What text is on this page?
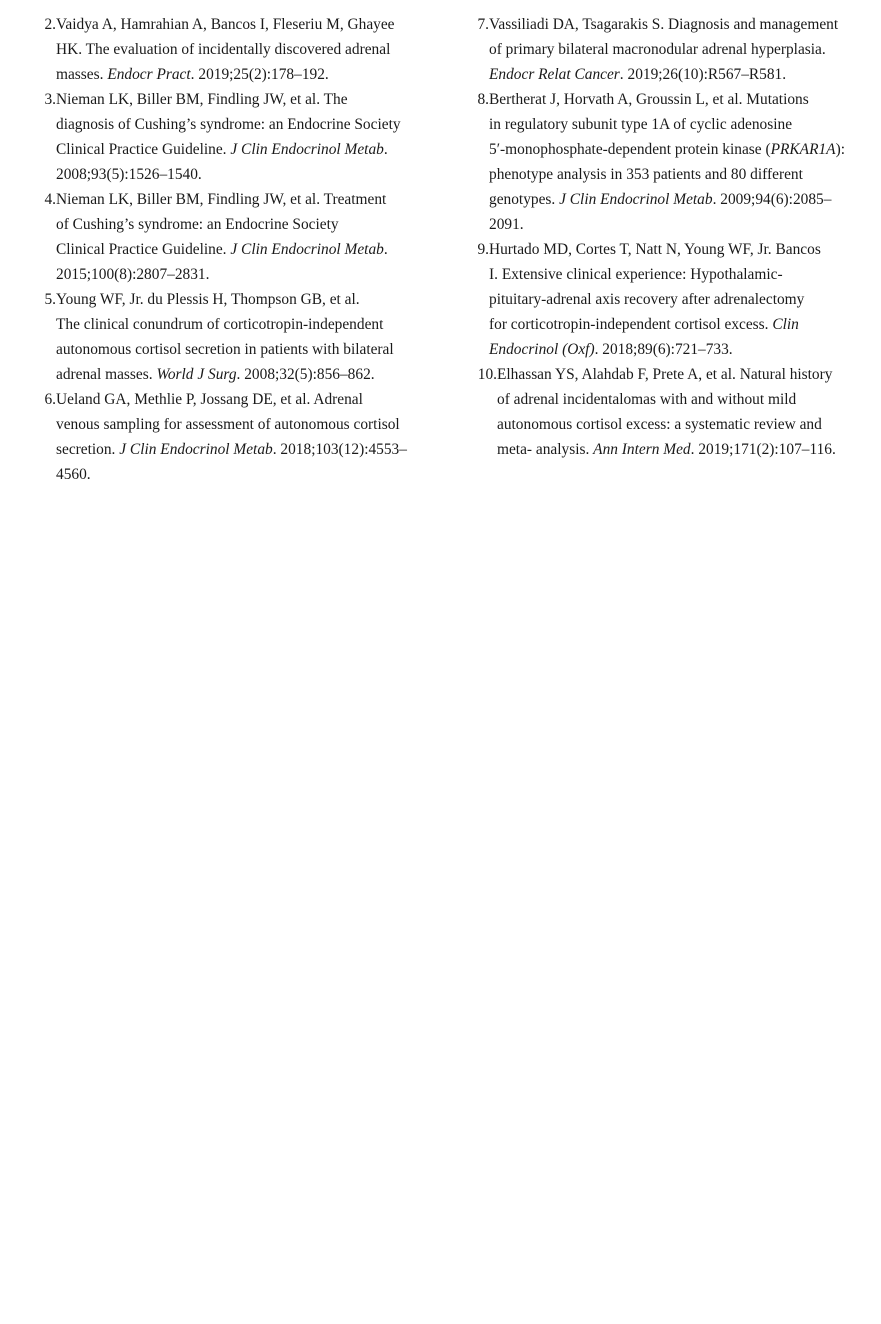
2. Vaidya A, Hamrahian A, Bancos I, Fleseriu M, Ghayee
HK. The evaluation of incidentally discovered adrenal
masses. Endocr Pract. 2019;25(2):178–192.
3. Nieman LK, Biller BM, Findling JW, et al. The
diagnosis of Cushing’s syndrome: an Endocrine Society
Clinical Practice Guideline. J Clin Endocrinol Metab.
2008;93(5):1526–1540.
4. Nieman LK, Biller BM, Findling JW, et al. Treatment
of Cushing’s syndrome: an Endocrine Society
Clinical Practice Guideline. J Clin Endocrinol Metab.
2015;100(8):2807–2831.
5. Young WF, Jr. du Plessis H, Thompson GB, et al.
The clinical conundrum of corticotropin-independent
autonomous cortisol secretion in patients with bilateral
adrenal masses. World J Surg. 2008;32(5):856–862.
6. Ueland GA, Methlie P, Jossang DE, et al. Adrenal
venous sampling for assessment of autonomous cortisol
secretion. J Clin Endocrinol Metab. 2018;103(12):4553–
4560.
7. Vassiliadi DA, Tsagarakis S. Diagnosis and management
of primary bilateral macronodular adrenal hyperplasia.
Endocr Relat Cancer. 2019;26(10):R567–R581.
8. Bertherat J, Horvath A, Groussin L, et al. Mutations
in regulatory subunit type 1A of cyclic adenosine
5′-monophosphate-dependent protein kinase (PRKAR1A):
phenotype analysis in 353 patients and 80 different
genotypes. J Clin Endocrinol Metab. 2009;94(6):2085–
2091.
9. Hurtado MD, Cortes T, Natt N, Young WF, Jr. Bancos
I. Extensive clinical experience: Hypothalamic-
pituitary-adrenal axis recovery after adrenalectomy
for corticotropin-independent cortisol excess. Clin
Endocrinol (Oxf). 2018;89(6):721–733.
10. Elhassan YS, Alahdab F, Prete A, et al. Natural history
of adrenal incidentalomas with and without mild
autonomous cortisol excess: a systematic review and
meta- analysis. Ann Intern Med. 2019;171(2):107–116.
